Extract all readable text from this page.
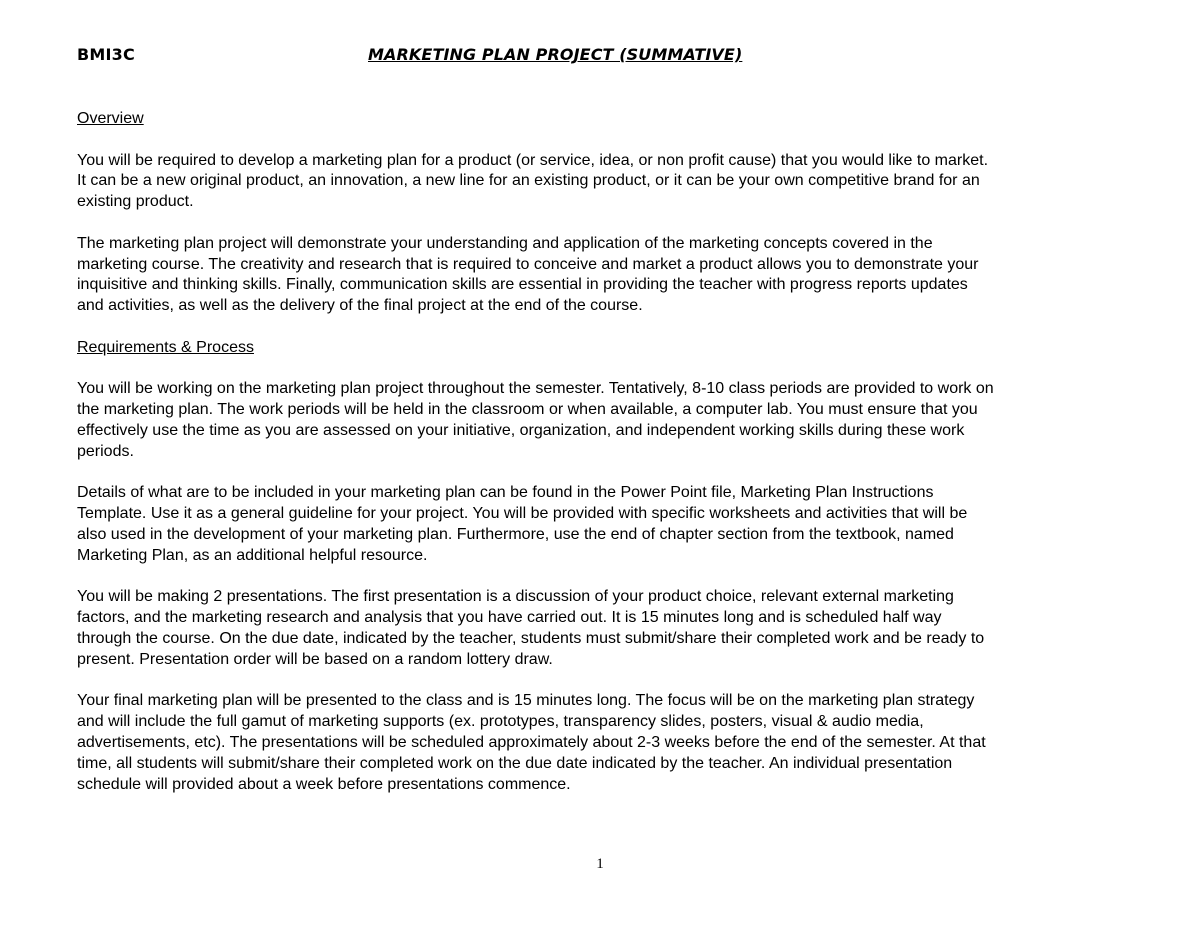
BMI3C	MARKETING PLAN PROJECT (SUMMATIVE)

Overview

You will be required to develop a marketing plan for a product (or service, idea, or non profit cause) that you would like to market.
It can be a new original product, an innovation, a new line for an existing product, or it can be your own competitive brand for an
existing product.

The marketing plan project will demonstrate your understanding and application of the marketing concepts covered in the
marketing course. The creativity and research that is required to conceive and market a product allows you to demonstrate your
inquisitive and thinking skills. Finally, communication skills are essential in providing the teacher with progress reports updates
and activities, as well as the delivery of the final project at the end of the course.

Requirements & Process

You will be working on the marketing plan project throughout the semester. Tentatively, 8-10 class periods are provided to work on
the marketing plan. The work periods will be held in the classroom or when available, a computer lab. You must ensure that you
effectively use the time as you are assessed on your initiative, organization, and independent working skills during these work
periods.

Details of what are to be included in your marketing plan can be found in the Power Point file, Marketing Plan Instructions
Template. Use it as a general guideline for your project. You will be provided with specific worksheets and activities that will be
also used in the development of your marketing plan. Furthermore, use the end of chapter section from the textbook, named
Marketing Plan, as an additional helpful resource.

You will be making 2 presentations. The first presentation is a discussion of your product choice, relevant external marketing
factors, and the marketing research and analysis that you have carried out. It is 15 minutes long and is scheduled half way
through the course. On the due date, indicated by the teacher, students must submit/share their completed work and be ready to
present. Presentation order will be based on a random lottery draw.

Your final marketing plan will be presented to the class and is 15 minutes long. The focus will be on the marketing plan strategy
and will include the full gamut of marketing supports (ex. prototypes, transparency slides, posters, visual & audio media,
advertisements, etc). The presentations will be scheduled approximately about 2-3 weeks before the end of the semester. At that
time, all students will submit/share their completed work on the due date indicated by the teacher. An individual presentation
schedule will provided about a week before presentations commence.

1
